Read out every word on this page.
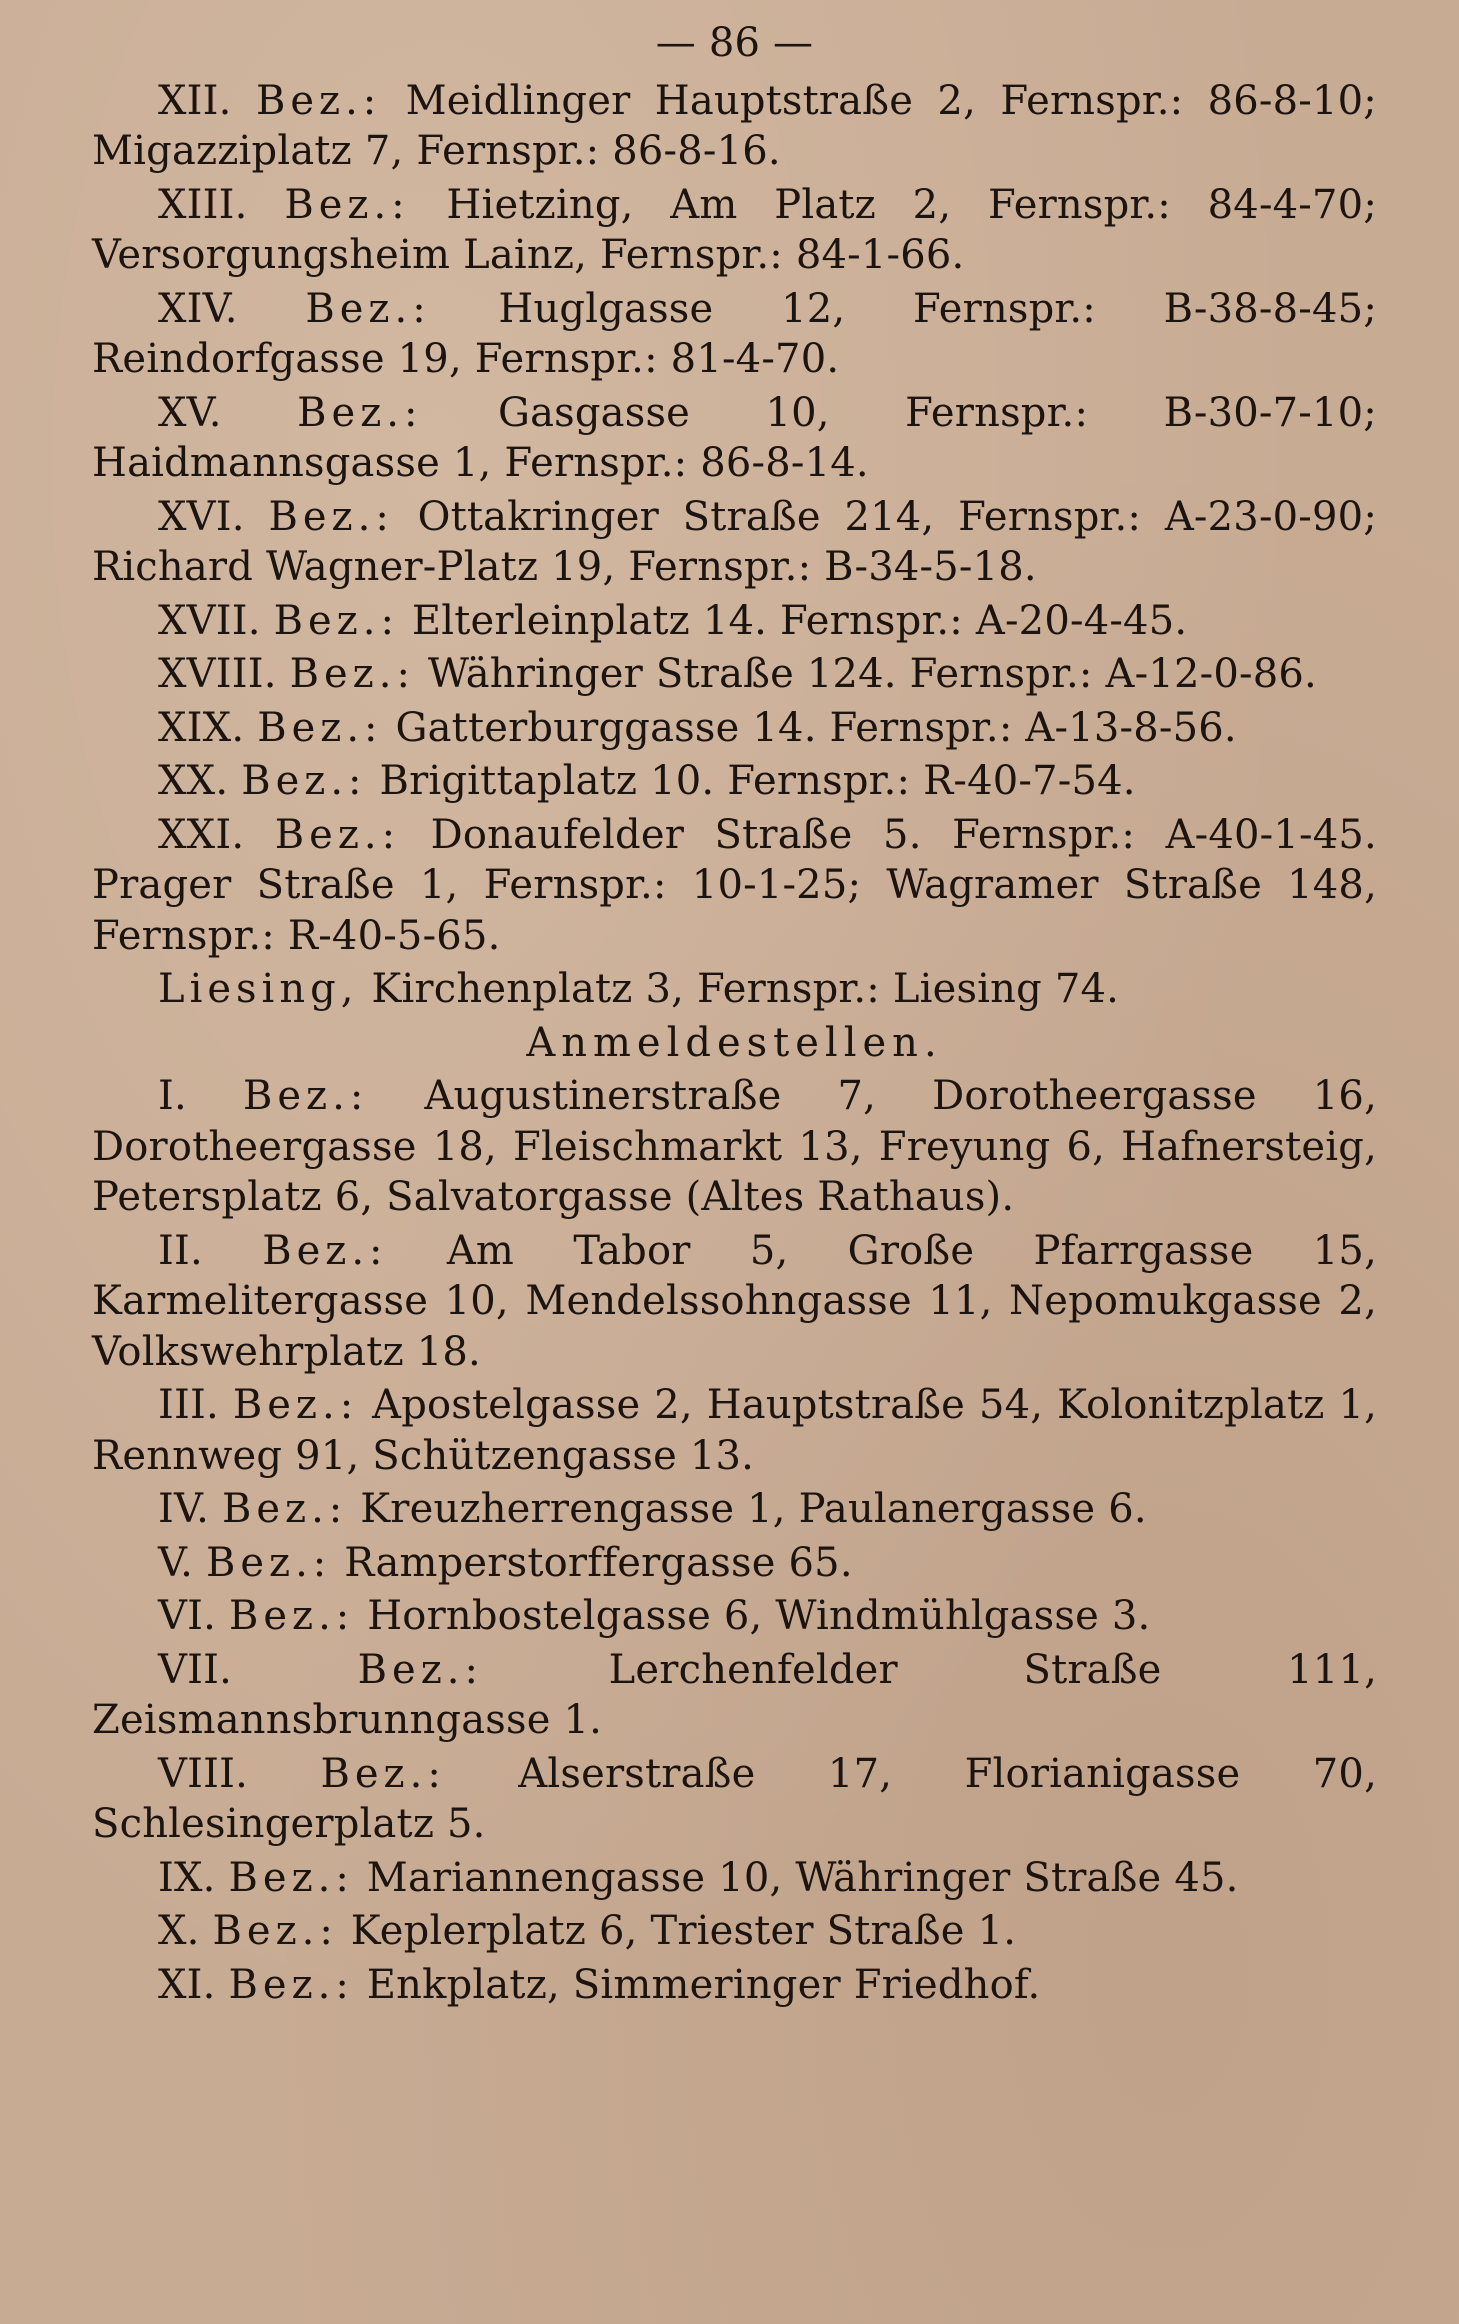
— 86 —

XII. Bez.: Meidlinger Hauptstraße 2, Fernspr.: 86-8-10; Migazziplatz 7, Fernspr.: 86-8-16.

XIII. Bez.: Hietzing, Am Platz 2, Fernspr.: 84-4-70; Versorgungsheim Lainz, Fernspr.: 84-1-66.

XIV. Bez.: Huglgasse 12, Fernspr.: B-38-8-45; Reindorfgasse 19, Fernspr.: 81-4-70.

XV. Bez.: Gasgasse 10, Fernspr.: B-30-7-10; Haidmannsgasse 1, Fernspr.: 86-8-14.

XVI. Bez.: Ottakringer Straße 214, Fernspr.: A-23-0-90; Richard Wagner-Platz 19, Fernspr.: B-34-5-18.

XVII. Bez.: Elterleinplatz 14. Fernspr.: A-20-4-45.

XVIII. Bez.: Währinger Straße 124. Fernspr.: A-12-0-86.

XIX. Bez.: Gatterburggasse 14. Fernspr.: A-13-8-56.

XX. Bez.: Brigittaplatz 10. Fernspr.: R-40-7-54.

XXI. Bez.: Donaufelder Straße 5. Fernspr.: A-40-1-45. Prager Straße 1, Fernspr.: 10-1-25; Wagramer Straße 148, Fernspr.: R-40-5-65.

Liesing, Kirchenplatz 3, Fernspr.: Liesing 74.

Anmeldestellen.

I. Bez.: Augustinerstraße 7, Dorotheergasse 16, Dorotheergasse 18, Fleischmarkt 13, Freyung 6, Hafnersteig, Petersplatz 6, Salvatorgasse (Altes Rathaus).

II. Bez.: Am Tabor 5, Große Pfarrgasse 15, Karmelitergasse 10, Mendelssohngasse 11, Nepomukgasse 2, Volkswehrplatz 18.

III. Bez.: Apostelgasse 2, Hauptstraße 54, Kolonitzplatz 1, Rennweg 91, Schützengasse 13.

IV. Bez.: Kreuzherrengasse 1, Paulanergasse 6.

V. Bez.: Ramperstorffergasse 65.

VI. Bez.: Hornbostelgasse 6, Windmühlgasse 3.

VII.	Bez.:	Lerchenfelder Straße 111, Zeismannsbrunngasse 1.

VIII. Bez.: Alserstraße 17, Florianigasse 70, Schlesingerplatz 5.

IX. Bez.: Mariannengasse 10, Währinger Straße 45.

X. Bez.: Keplerplatz 6, Triester Straße 1.

XI. Bez.: Enkplatz, Simmeringer Friedhof.
